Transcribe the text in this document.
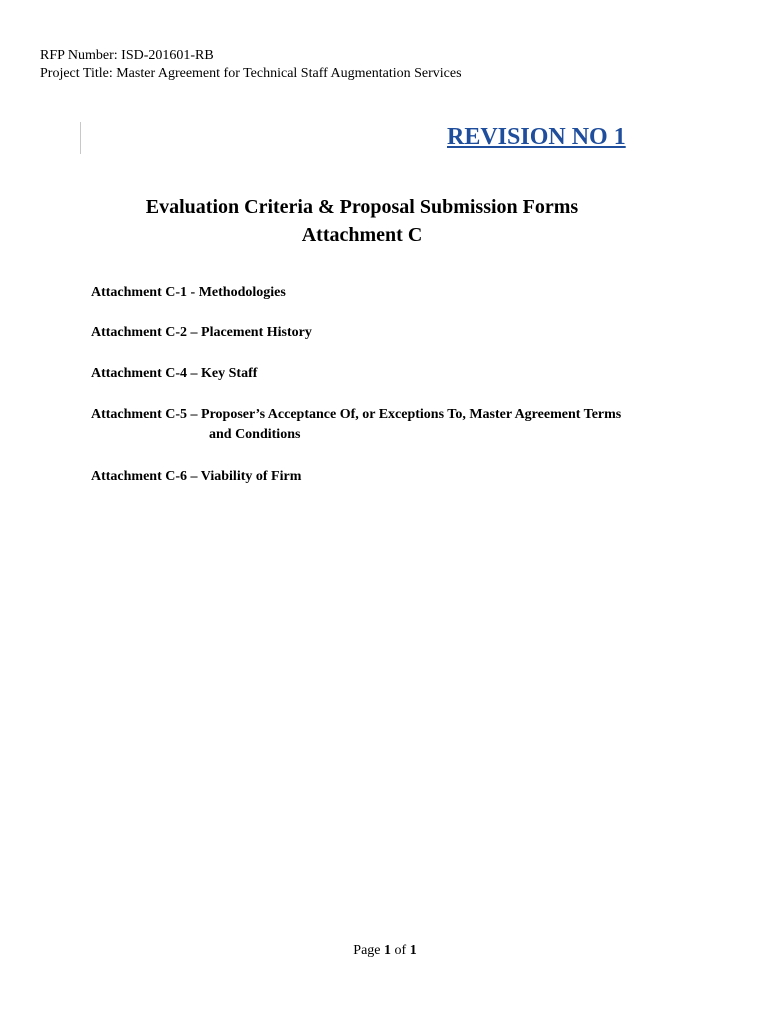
RFP Number: ISD-201601-RB
Project Title: Master Agreement for Technical Staff Augmentation Services
REVISION NO 1
Evaluation Criteria & Proposal Submission Forms
Attachment C
Attachment C-1 - Methodologies
Attachment C-2 – Placement History
Attachment C-4 – Key Staff
Attachment C-5 – Proposer’s Acceptance Of, or Exceptions To, Master Agreement Terms
and Conditions
Attachment C-6 – Viability of Firm
Page 1 of 1
